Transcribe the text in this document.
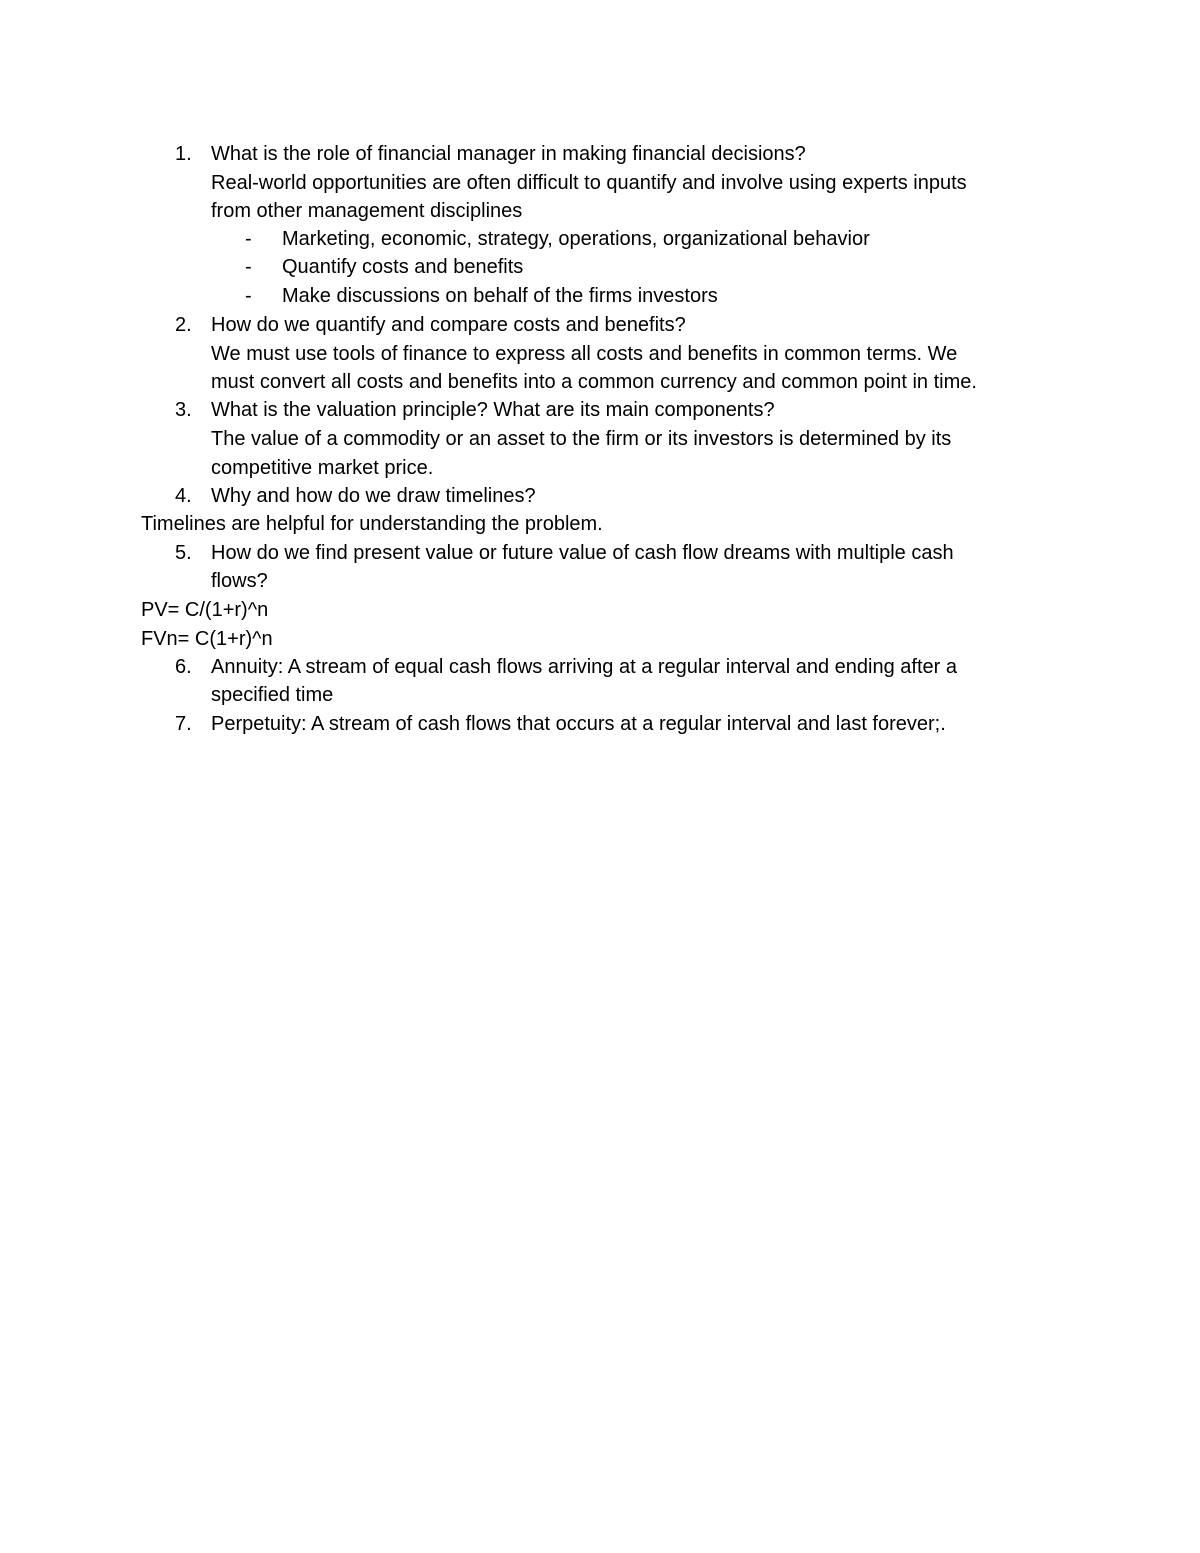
1. What is the role of financial manager in making financial decisions?
Real-world opportunities are often difficult to quantify and involve using experts inputs
from other management disciplines
- Marketing, economic, strategy, operations, organizational behavior
- Quantify costs and benefits
- Make discussions on behalf of the firms investors
2. How do we quantify and compare costs and benefits?
We must use tools of finance to express all costs and benefits in common terms. We
must convert all costs and benefits into a common currency and common point in time.
3. What is the valuation principle? What are its main components?
The value of a commodity or an asset to the firm or its investors is determined by its
competitive market price.
4. Why and how do we draw timelines?
Timelines are helpful for understanding the problem.
5. How do we find present value or future value of cash flow dreams with multiple cash
flows?
PV= C/(1+r)^n
FVn= C(1+r)^n
6. Annuity: A stream of equal cash flows arriving at a regular interval and ending after a
specified time
7. Perpetuity: A stream of cash flows that occurs at a regular interval and last forever;.
